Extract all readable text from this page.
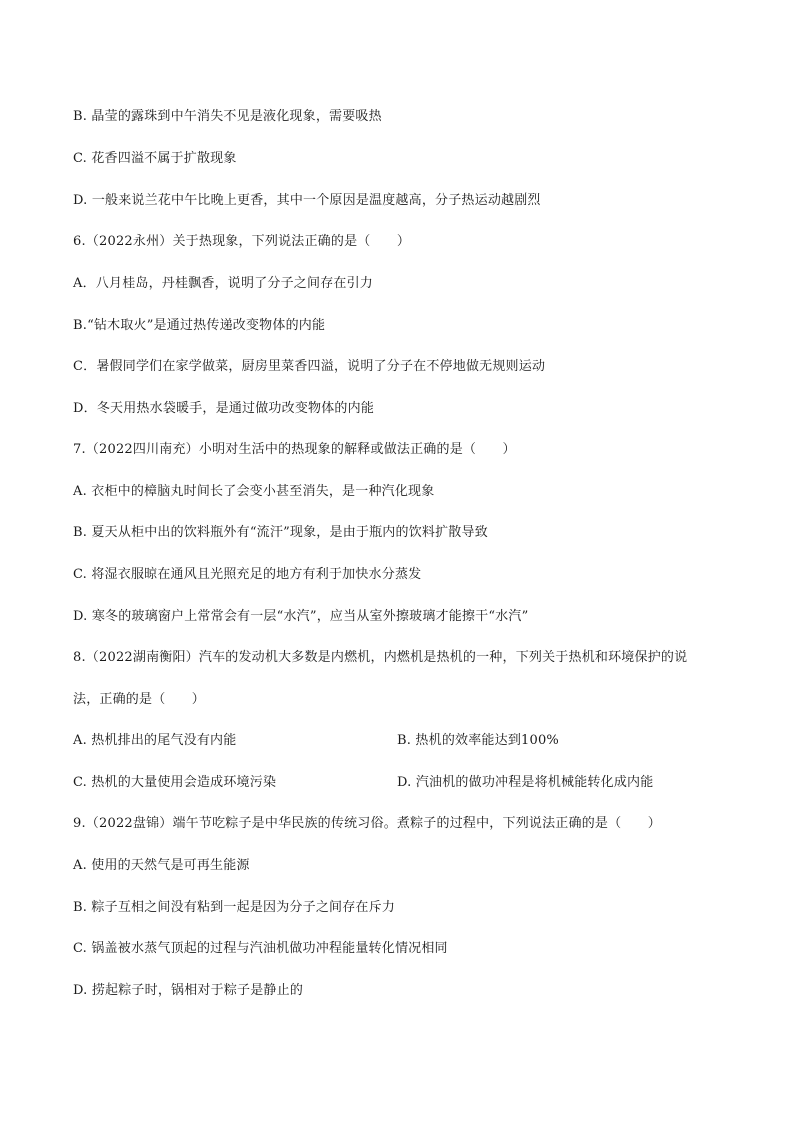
B. 晶莹的露珠到中午消失不见是液化现象，需要吸热
C. 花香四溢不属于扩散现象
D. 一般来说兰花中午比晚上更香，其中一个原因是温度越高，分子热运动越剧烈
6.（2022永州）关于热现象，下列说法正确的是（　　）
A．八月桂岛，丹桂飘香，说明了分子之间存在引力
B.“钻木取火”是通过热传递改变物体的内能
C．暑假同学们在家学做菜，厨房里菜香四溢，说明了分子在不停地做无规则运动
D．冬天用热水袋暖手，是通过做功改变物体的内能
7.（2022四川南充）小明对生活中的热现象的解释或做法正确的是（　　）
A. 衣柜中的樟脑丸时间长了会变小甚至消失，是一种汽化现象
B. 夏天从柜中出的饮料瓶外有“流汗”现象，是由于瓶内的饮料扩散导致
C. 将湿衣服晾在通风且光照充足的地方有利于加快水分蒸发
D. 寒冬的玻璃窗户上常常会有一层“水汽”，应当从室外擦玻璃才能擦干“水汽”
8.（2022湖南衡阳）汽车的发动机大多数是内燃机，内燃机是热机的一种，下列关于热机和环境保护的说
法，正确的是（　　）
A. 热机排出的尾气没有内能	B. 热机的效率能达到100%
C. 热机的大量使用会造成环境污染	D. 汽油机的做功冲程是将机械能转化成内能
9.（2022盘锦）端午节吃粽子是中华民族的传统习俗。煮粽子的过程中，下列说法正确的是（　　）
A. 使用的天然气是可再生能源
B. 粽子互相之间没有粘到一起是因为分子之间存在斥力
C. 锅盖被水蒸气顶起的过程与汽油机做功冲程能量转化情况相同
D. 捞起粽子时，锅相对于粽子是静止的
